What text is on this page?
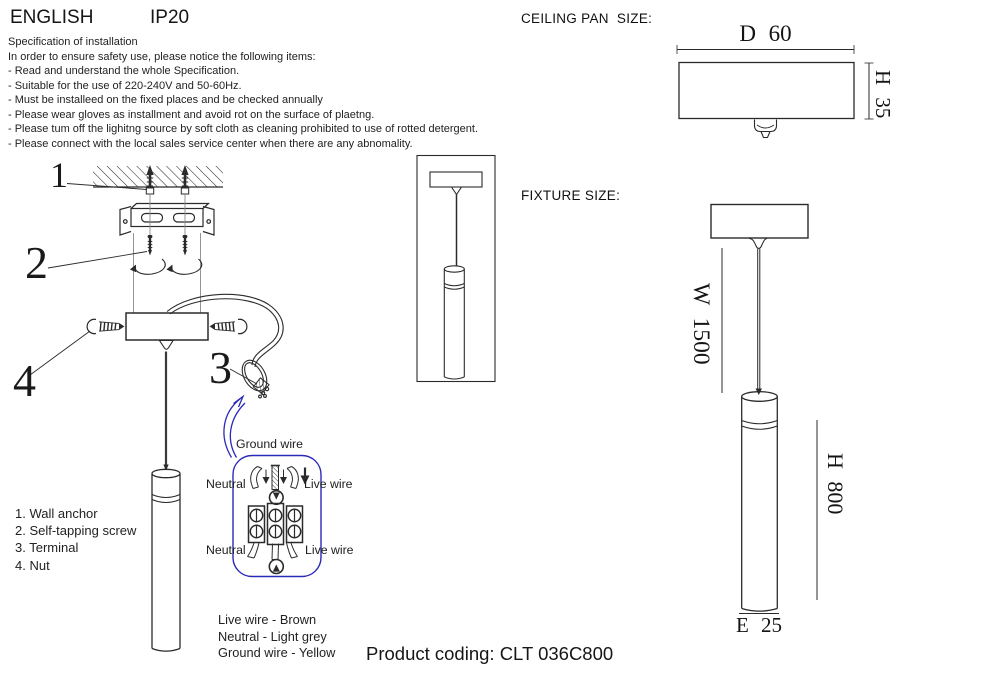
ENGLISH	IP20
Specification of installation
In order to ensure safety use, please notice the following items:
- Read and understand the whole Specification.
- Suitable for the use of 220-240V and 50-60Hz.
- Must be installeed on the fixed places and be checked annually
- Please wear gloves as installment and avoid rot on the surface of plaetng.
- Please tum off the lighitng source by soft cloth as cleaning prohibited to use of rotted detergent.
- Please connect with the local sales service center when there are any abnomality.
CEILING PAN  SIZE:
FIXTURE SIZE:
D 60
H 35
W 1500
H 800
E 25
1
2
3
4
1. Wall anchor
2. Self-tapping screw
3. Terminal
4. Nut
Ground wire
Neutral	Live wire
Neutral	Live wire
Live wire - Brown
Neutral - Light grey
Ground wire - Yellow Product coding: CLT 036C800
